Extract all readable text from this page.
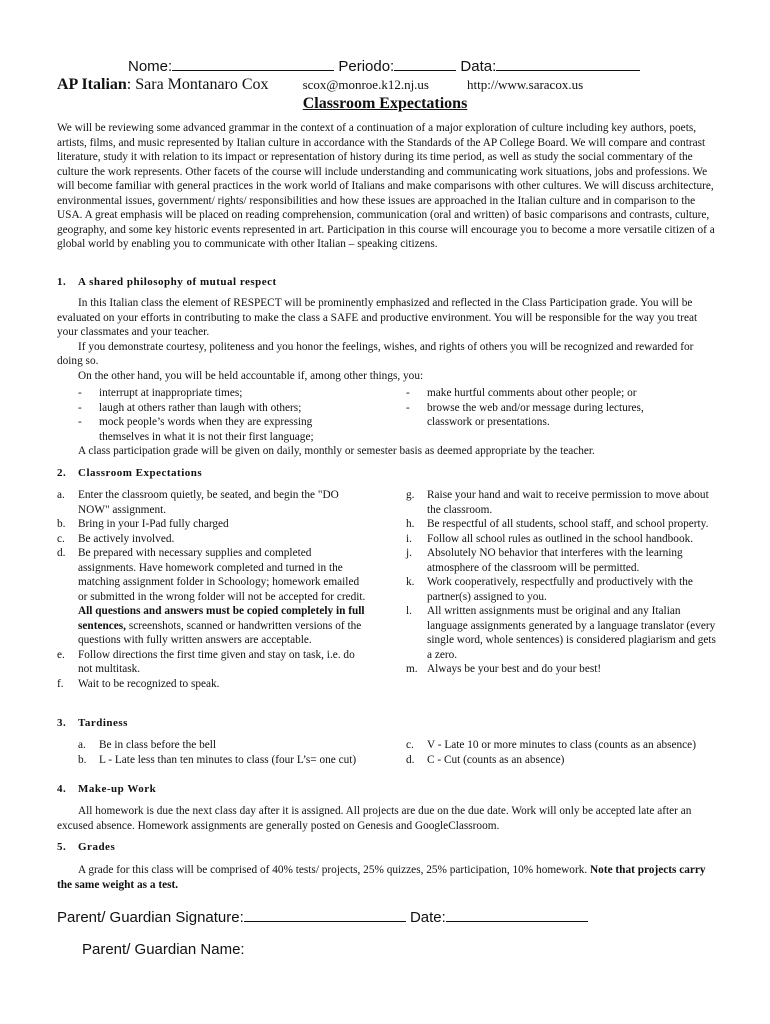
Nome:	Periodo:	Data:
AP Italian: Sara Montanaro Cox	scox@monroe.k12.nj.us	http://www.saracox.us
Classroom Expectations
We will be reviewing some advanced grammar in the context of a continuation of a major exploration of culture including key authors, poets, artists, films, and music represented by Italian culture in accordance with the Standards of the AP College Board. We will compare and contrast literature, study it with relation to its impact or representation of history during its time period, as well as study the social commentary of the culture the work represents. Other facets of the course will include understanding and communicating work situations, jobs and professions. We will become familiar with general practices in the work world of Italians and make comparisons with other cultures. We will discuss architecture, environmental issues, government/ rights/ responsibilities and how these issues are approached in the Italian culture and in comparison to the USA. A great emphasis will be placed on reading comprehension, communication (oral and written) of basic comparisons and contrasts, culture, geography, and some key historic events represented in art. Participation in this course will encourage you to become a more versatile citizen of a global world by enabling you to communicate with other Italian – speaking citizens.
1. A shared philosophy of mutual respect

In this Italian class the element of RESPECT will be prominently emphasized and reflected in the Class Participation grade. You will be evaluated on your efforts in contributing to make the class a SAFE and productive environment. You will be responsible for the way you treat your classmates and your teacher.

If you demonstrate courtesy, politeness and you honor the feelings, wishes, and rights of others you will be recognized and rewarded for doing so.

On the other hand, you will be held accountable if, among other things, you:

- interrupt at inappropriate times;
- laugh at others rather than laugh with others;
- mock people’s words when they are expressing themselves in what it is not their first language;
- make hurtful comments about other people; or
- browse the web and/or message during lectures, classwork or presentations.

A class participation grade will be given on daily, monthly or semester basis as deemed appropriate by the teacher.

2. Classroom Expectations
a. Enter the classroom quietly, be seated, and begin the "DO NOW" assignment.
b. Bring in your I-Pad fully charged
c. Be actively involved.
d. Be prepared with necessary supplies and completed assignments. Have homework completed and turned in the matching assignment folder in Schoology; homework emailed or submitted in the wrong folder will not be accepted for credit. All questions and answers must be copied completely in full sentences, screenshots, scanned or handwritten versions of the questions with fully written answers are acceptable.
e. Follow directions the first time given and stay on task, i.e. do not multitask.
f. Wait to be recognized to speak.
g. Raise your hand and wait to receive permission to move about the classroom.
h. Be respectful of all students, school staff, and school property.
i. Follow all school rules as outlined in the school handbook.
j. Absolutely NO behavior that interferes with the learning atmosphere of the classroom will be permitted.
k. Work cooperatively, respectfully and productively with the partner(s) assigned to you.
l. All written assignments must be original and any Italian language assignments generated by a language translator (every single word, whole sentences) is considered plagiarism and gets a zero.
m. Always be your best and do your best!
3. Tardiness
a. Be in class before the bell
b. L - Late less than ten minutes to class (four L’s= one cut)
c. V - Late 10 or more minutes to class (counts as an absence)
d. C - Cut (counts as an absence)
4. Make-up Work

All homework is due the next class day after it is assigned. All projects are due on the due date. Work will only be accepted late after an excused absence. Homework assignments are generally posted on Genesis and GoogleClassroom.

5. Grades

A grade for this class will be comprised of 40% tests/ projects, 25% quizzes, 25% participation, 10% homework. Note that projects carry the same weight as a test.

Parent/ Guardian Signature:	Date:
Parent/ Guardian Name:
